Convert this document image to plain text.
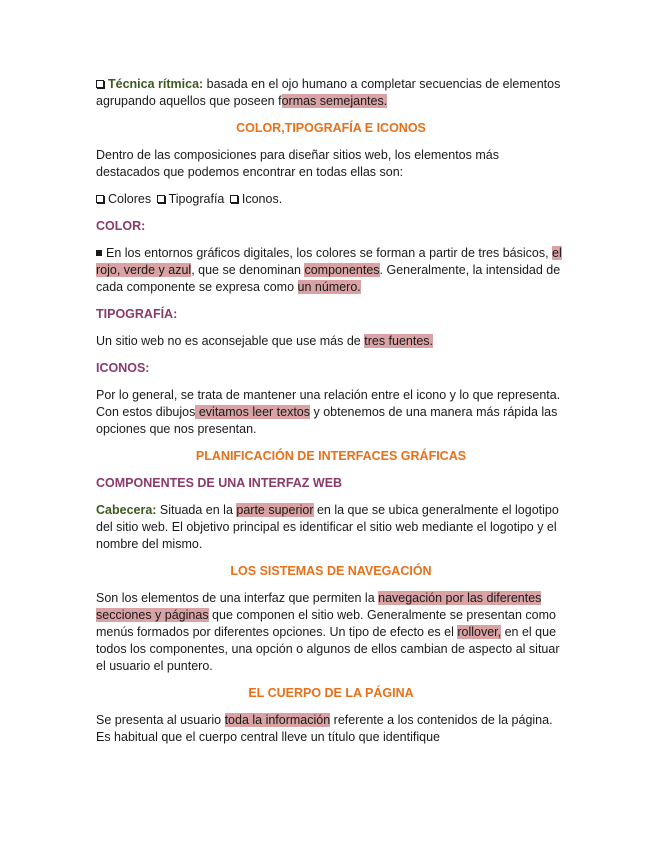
Técnica rítmica: basada en el ojo humano a completar secuencias de elementos agrupando aquellos que poseen formas semejantes.

COLOR,TIPOGRAFÍA E ICONOS

Dentro de las composiciones para diseñar sitios web, los elementos más destacados que podemos encontrar en todas ellas son:

Colores Tipografía Iconos.

COLOR:

En los entornos gráficos digitales, los colores se forman a partir de tres básicos, el rojo, verde y azul, que se denominan componentes. Generalmente, la intensidad de cada componente se expresa como un número.

TIPOGRAFÍA:

Un sitio web no es aconsejable que use más de tres fuentes.

ICONOS:

Por lo general, se trata de mantener una relación entre el icono y lo que representa. Con estos dibujos evitamos leer textos y obtenemos de una manera más rápida las opciones que nos presentan.

PLANIFICACIÓN DE INTERFACES GRÁFICAS

COMPONENTES DE UNA INTERFAZ WEB

Cabecera: Situada en la parte superior en la que se ubica generalmente el logotipo del sitio web. El objetivo principal es identificar el sitio web mediante el logotipo y el nombre del mismo.

LOS SISTEMAS DE NAVEGACIÓN

Son los elementos de una interfaz que permiten la navegación por las diferentes secciones y páginas que componen el sitio web. Generalmente se presentan como menús formados por diferentes opciones. Un tipo de efecto es el rollover, en el que todos los componentes, una opción o algunos de ellos cambian de aspecto al situar el usuario el puntero.

EL CUERPO DE LA PÁGINA

Se presenta al usuario toda la información referente a los contenidos de la página. Es habitual que el cuerpo central lleve un título que identifique
